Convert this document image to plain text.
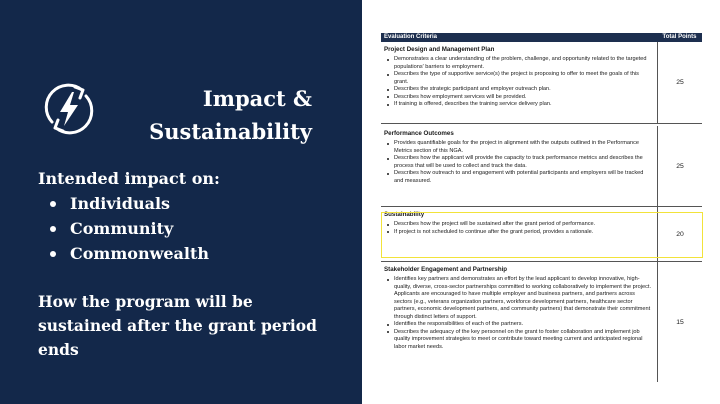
Impact &
Sustainability
Intended impact on:
Individuals
Community
Commonwealth
How the program will be sustained after the grant period ends
Evaluation Criteria	Total Points
Project Design and Management Plan
Demonstrates a clear understanding of the problem, challenge, and opportunity related to the targeted populations' barriers to employment.
Describes the type of supportive service(s) the project is proposing to offer to meet the goals of this grant.
Describes the strategic participant and employer outreach plan.
Describes how employment services will be provided.
If training is offered, describes the training service delivery plan.
25
Performance Outcomes
Provides quantifiable goals for the project in alignment with the outputs outlined in the Performance Metrics section of this NGA.
Describes how the applicant will provide the capacity to track performance metrics and describes the process that will be used to collect and track the data.
Describes how outreach to and engagement with potential participants and employers will be tracked and measured.
25
Sustainability
Describes how the project will be sustained after the grant period of performance.
If project is not scheduled to continue after the grant period, provides a rationale.	20
Stakeholder Engagement and Partnership
Identifies key partners and demonstrates an effort by the lead applicant to develop innovative, high-quality, diverse, cross-sector partnerships committed to working collaboratively to implement the project. Applicants are encouraged to have multiple employer and business partners, and partners across sectors (e.g., veterans organization partners, workforce development partners, healthcare sector partners, economic development partners, and community partners) that demonstrate their commitment through distinct letters of support.
Identifies the responsibilities of each of the partners.
Describes the adequacy of the key personnel on the grant to foster collaboration and implement job quality improvement strategies to meet or contribute toward meeting current and anticipated regional labor market needs.
15
